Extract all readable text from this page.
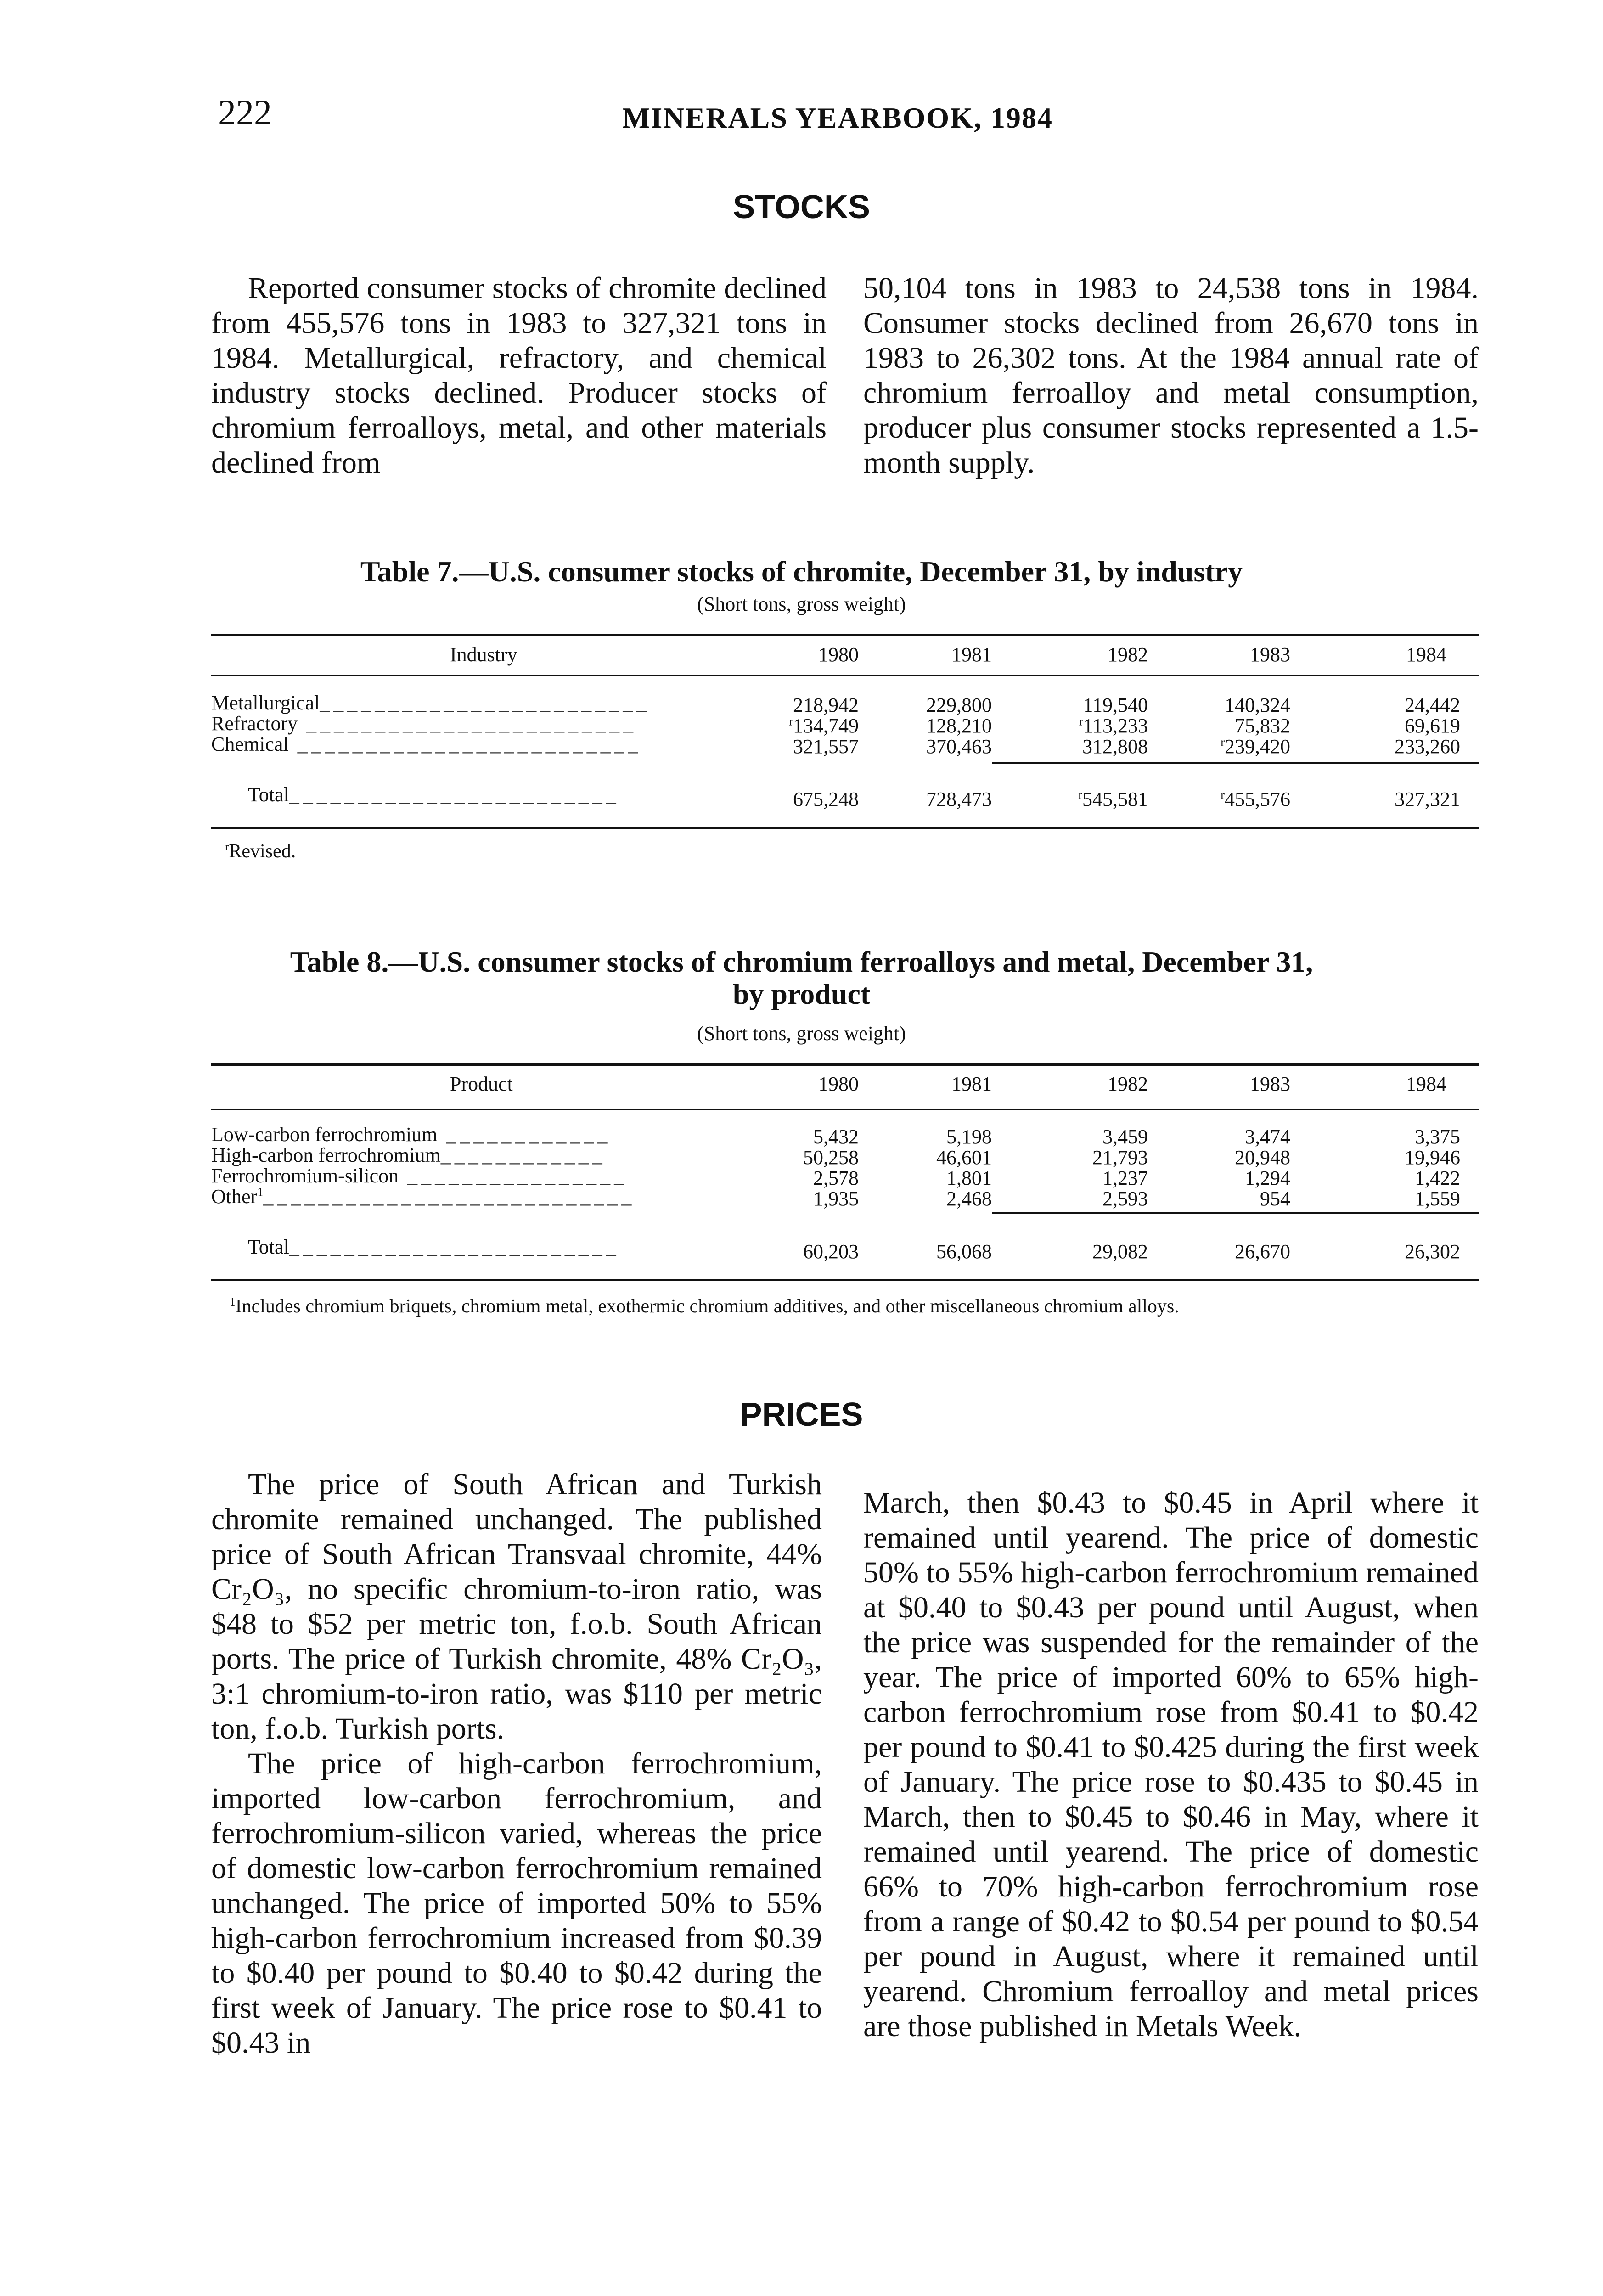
222	MINERALS YEARBOOK, 1984
STOCKS

Reported consumer stocks of chromite declined from 455,576 tons in 1983 to 327,321 tons in 1984. Metallurgical, refractory, and chemical industry stocks declined. Producer stocks of chromium ferroalloys, metal, and other materials declined from

50,104 tons in 1983 to 24,538 tons in 1984. Consumer stocks declined from 26,670 tons in 1983 to 26,302 tons. At the 1984 annual rate of chromium ferroalloy and metal consumption, producer plus consumer stocks represented a 1.5-month supply.

Table 7.—U.S. consumer stocks of chromite, December 31, by industry
(Short tons, gross weight)
Industry	1980	1981	1982	1983	1984
Metallurgical________________________	218,942	229,800	119,540	140,324	24,442
Refractory ________________________	$^r$134,749	128,210	$^r$113,233	75,832	69,619
Chemical _________________________	321,557	370,463	312,808	$^r$239,420	233,260
Total________________________	675,248	728,473	$^r$545,581	$^r$455,576	327,321
$^r$Revised.
Table 8.—U.S. consumer stocks of chromium ferroalloys and metal, December 31,
by product
(Short tons, gross weight)
Product	1980	1981	1982	1983	1984
Low-carbon ferrochromium ____________	5,432	5,198	3,459	3,474	3,375
High-carbon ferrochromium____________	50,258	46,601	21,793	20,948	19,946
Ferrochromium-silicon ________________	2,578	1,801	1,237	1,294	1,422
Other$^1$___________________________	1,935	2,468	2,593	954	1,559
Total________________________	60,203	56,068	29,082	26,670	26,302
$^1$Includes chromium briquets, chromium metal, exothermic chromium additives, and other miscellaneous chromium alloys.
PRICES

The price of South African and Turkish chromite remained unchanged. The published price of South African Transvaal chromite, 44% Cr₂O₃, no specific chromium-to-iron ratio, was $48 to $52 per metric ton, f.o.b. South African ports. The price of Turkish chromite, 48% Cr₂O₃, 3:1 chromium-to-iron ratio, was $110 per metric ton, f.o.b. Turkish ports.

The price of high-carbon ferrochromium, imported low-carbon ferrochromium, and ferrochromium-silicon varied, whereas the price of domestic low-carbon ferrochromium remained unchanged. The price of imported 50% to 55% high-carbon ferrochromium increased from $0.39 to $0.40 per pound to $0.40 to $0.42 during the first week of January. The price rose to $0.41 to $0.43 in

March, then $0.43 to $0.45 in April where it remained until yearend. The price of domestic 50% to 55% high-carbon ferrochromium remained at $0.40 to $0.43 per pound until August, when the price was suspended for the remainder of the year. The price of imported 60% to 65% high-carbon ferrochromium rose from $0.41 to $0.42 per pound to $0.41 to $0.425 during the first week of January. The price rose to $0.435 to $0.45 in March, then to $0.45 to $0.46 in May, where it remained until yearend. The price of domestic 66% to 70% high-carbon ferrochromium rose from a range of $0.42 to $0.54 per pound to $0.54 per pound in August, where it remained until yearend. Chromium ferroalloy and metal prices are those published in Metals Week.
